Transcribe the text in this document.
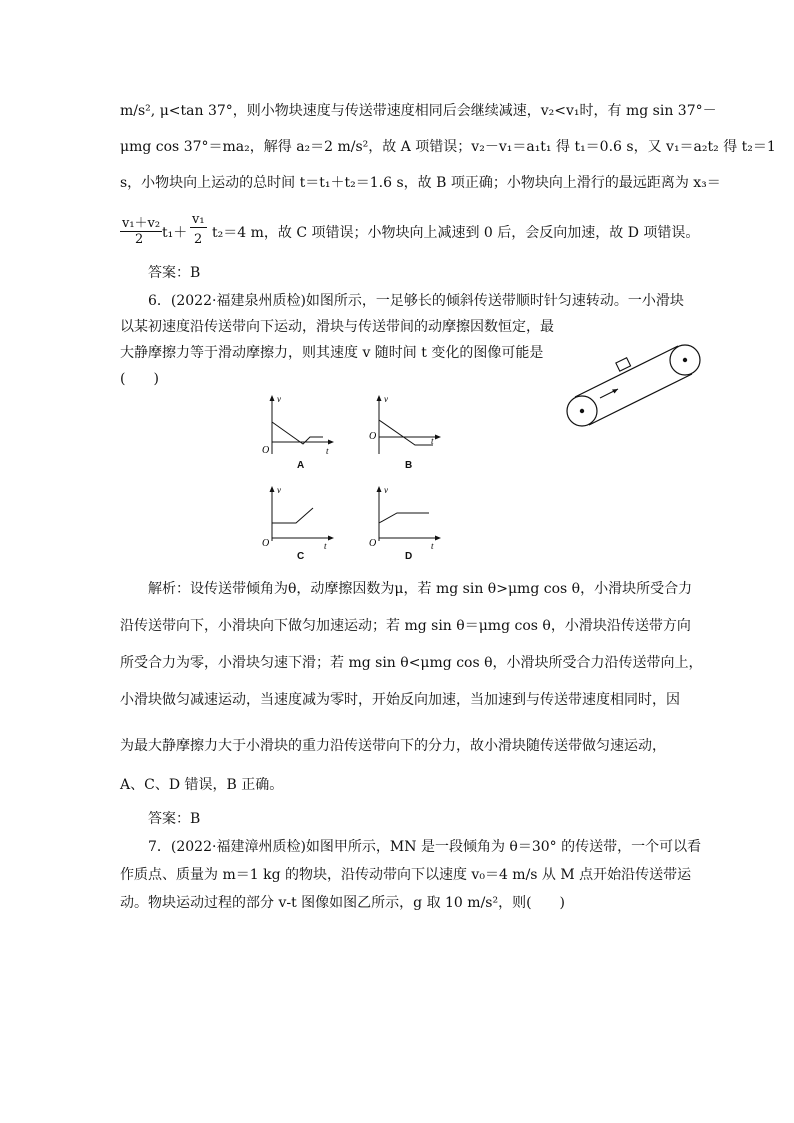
m/s², μ<tan 37°，则小物块速度与传送带速度相同后会继续减速，v₂<v₁时，有 mg sin 37°－
μmg cos 37°＝ma₂，解得 a₂＝2 m/s²，故 A 项错误；v₂－v₁＝a₁t₁ 得 t₁＝0.6 s，又 v₁＝a₂t₂ 得 t₂＝1
s，小物块向上运动的总时间 t＝t₁＋t₂＝1.6 s，故 B 项正确；小物块向上滑行的最远距离为 x₃＝
v₁＋v₂
2 t₁＋
v₁
2 t₂＝4 m，故 C 项错误；小物块向上减速到 0 后，会反向加速，故 D 项错误。
答案：B
6．(2022·福建泉州质检)如图所示，一足够长的倾斜传送带顺时针匀速转动。一小滑块
以某初速度沿传送带向下运动，滑块与传送带间的动摩擦因数恒定，最
大静摩擦力等于滑动摩擦力，则其速度 v 随时间 t 变化的图像可能是
(　　)
v
t
O
A
v
t
O
B
v
t
O
C
v
t
O
D
解析：设传送带倾角为θ，动摩擦因数为μ，若 mg sin θ>μmg cos θ，小滑块所受合力
沿传送带向下，小滑块向下做匀加速运动；若 mg sin θ＝μmg cos θ，小滑块沿传送带方向
所受合力为零，小滑块匀速下滑；若 mg sin θ<μmg cos θ，小滑块所受合力沿传送带向上，
小滑块做匀减速运动，当速度减为零时，开始反向加速，当加速到与传送带速度相同时，因
为最大静摩擦力大于小滑块的重力沿传送带向下的分力，故小滑块随传送带做匀速运动，
A、C、D 错误，B 正确。
答案：B
7．(2022·福建漳州质检)如图甲所示，MN 是一段倾角为 θ＝30° 的传送带，一个可以看
作质点、质量为 m＝1 kg 的物块，沿传动带向下以速度 v₀＝4 m/s 从 M 点开始沿传送带运
动。物块运动过程的部分 v-t 图像如图乙所示，g 取 10 m/s²，则(　　)
